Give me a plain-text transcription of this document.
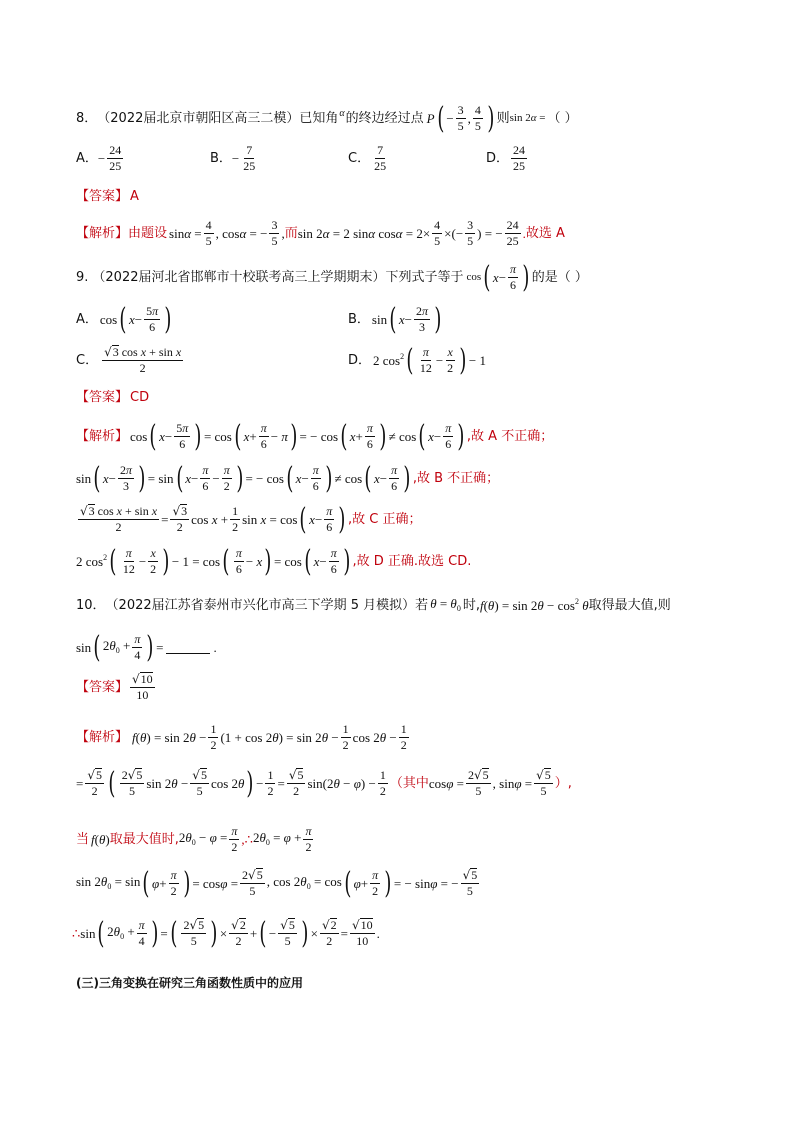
8． （2022届北京市朝阳区高三二模） 已知角 α 的终边经过点 P ( − $\frac{3}{5}$ , $\frac{4}{5}$ ) 则 sin 2α = （ ）
A． − $\frac{24}{25}$	B． − $\frac{7}{25}$	C． $\frac{7}{25}$	D． $\frac{24}{25}$
【答案】 A
【解析】 由题设 $\sin\alpha = \frac{4}{5}$ , cosα = − $\frac{3}{5}$ , 而 sin 2α = 2 sinα $\cos\alpha = 2\times \frac{4}{5}$ ×(− $\frac{3}{5}$ ) = − $\frac{24}{25}$ . 故选 A
9. （2022届河北省邯郸市十校联考高三上学期期末） 下列式子等于 cos ( $x - \frac{\pi}{6}$ ) 的是（ ）
A． cos ( $x - \frac{5\pi}{6}$ )	B． sin ( $x - \frac{2\pi}{3}$ )
C． $\frac{\text{√3 cos x + sin x}}{2}$	D． 2 $\cos^2$ ( $\frac{\pi}{12} - \frac{x}{2}$ ) − 1
【答案】 CD
【解析】 cos ( $x - \frac{5\pi}{6}$ ) = cos ( $x + \frac{\pi}{6} - \pi$ ) = − cos ( $x + \frac{\pi}{6}$ ) ≠ cos ( $x - \frac{\pi}{6}$ ) ,故 A 不正确；
sin ( $x - \frac{2\pi}{3}$ ) = sin ( $x - \frac{\pi}{6} - \frac{\pi}{2}$ ) = − cos ( $x - \frac{\pi}{6}$ ) ≠ cos ( $x - \frac{\pi}{6}$ ) ,故 B 不正确；
$\frac{\text{√3 cos x + sin x}}{2} = \frac{√3}{2}$ $\cos x + \frac{1}{2}$ sin x = cos ( $x - \frac{\pi}{6}$ ) ,故 C 正确；
2 $\cos^2$ ( $\frac{\pi}{12} - \frac{x}{2}$ ) − 1 = cos ( $\frac{\pi}{6} - x$ ) = cos ( $x - \frac{\pi}{6}$ ) ,故 D 正确.故选 CD.
10． （2022届江苏省泰州市兴化市高三下学期 5 月模拟） 若 $\theta = \theta_0$ 时, $f(\theta) = \sin 2\theta - \cos^2 \theta$ 取得最大值,则
sin ( $2\theta_0 + \frac{\pi}{4}$ ) =	.
【答案】 $\frac{√10}{10}$
【解析】 $f(\theta) = \sin 2\theta - \frac{1}{2} (1 + \cos 2\theta) = \sin 2\theta - \frac{1}{2}$ $\cos 2\theta - \frac{1}{2}$
= $\frac{√5}{2}$ ( $\frac{2√5}{5}$ $\sin 2\theta - \frac{√5}{5}$ cos 2θ ) − $\frac{1}{2} = \frac{√5}{2} \sin(2\theta - \varphi) - \frac{1}{2}$ （其中 $\cos\varphi = \frac{2√5}{5}$ , $\sin\varphi = \frac{√5}{5}$ ）,
当 f(θ) 取最大值时, $2\theta_0 - \varphi = \frac{\pi}{2}$ ,∴ $2\theta_0 = \varphi + \frac{\pi}{2}$
$\sin 2\theta_0 = \sin$ ( $\varphi + \frac{\pi}{2}$ ) = $\cos\varphi = \frac{2√5}{5}$ , $\cos 2\theta_0 = \cos$ ( $\varphi + \frac{\pi}{2}$ ) = − sinφ = − $\frac{√5}{5}$
∴ sin ( $2\theta_0 + \frac{\pi}{4}$ ) = ( $\frac{2√5}{5}$ ) × $\frac{√2}{2}$ + ( − $\frac{√5}{5}$ ) × $\frac{√2}{2} = \frac{√10}{10}$ .
(三)三角变换在研究三角函数性质中的应用
